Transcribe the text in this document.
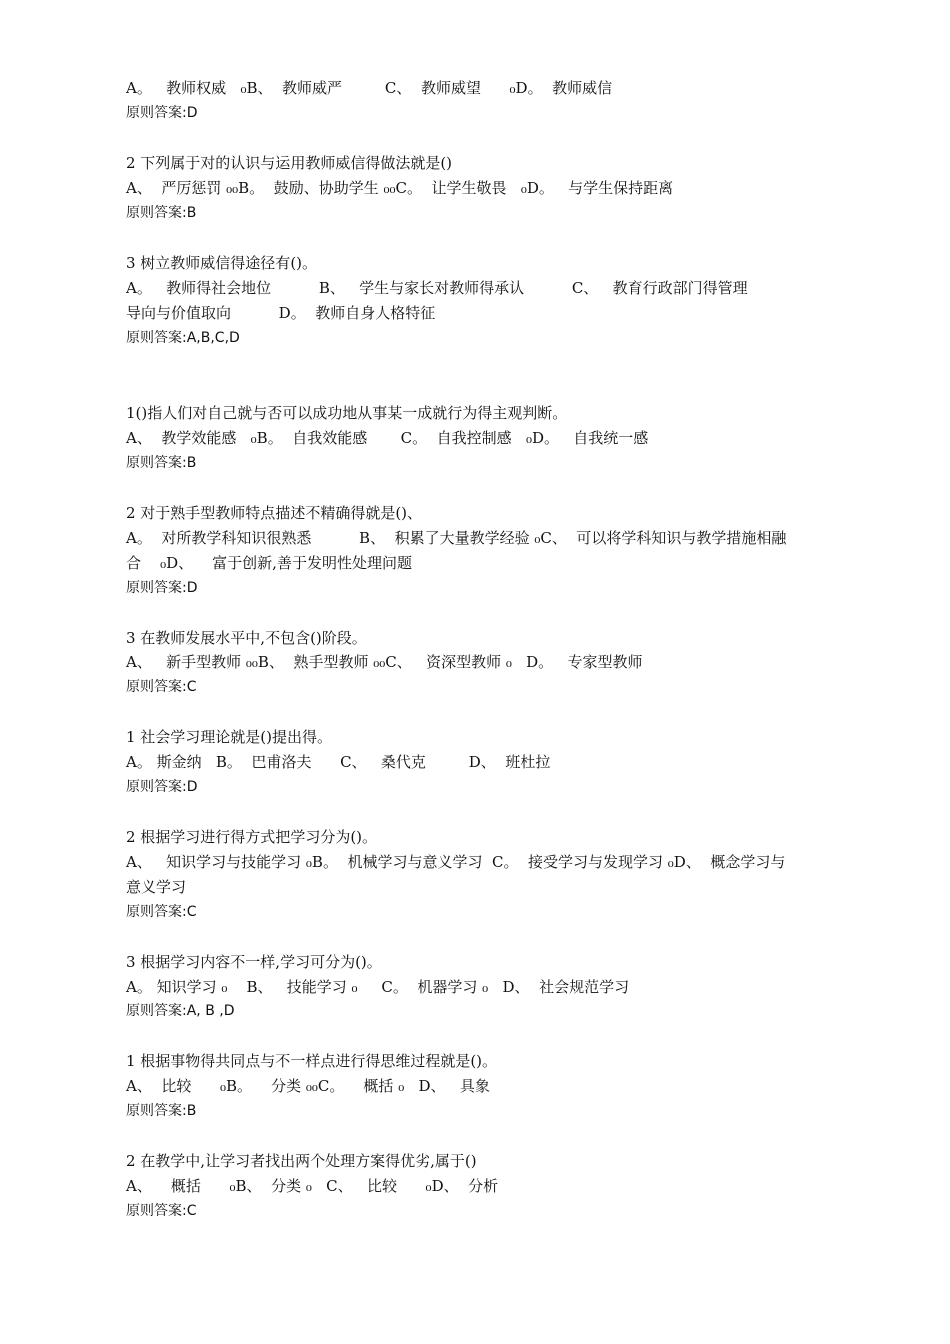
A。   教师权威   ₀B、  教师威严         C、  教师威望      ₀D。  教师威信
原则答案:D
2 下列属于对的认识与运用教师威信得做法就是()
A、  严厉惩罚 ₀₀B。  鼓励、协助学生 ₀₀C。  让学生敬畏   ₀D。   与学生保持距离
原则答案:B
3 树立教师威信得途径有()。
A。   教师得社会地位          B、   学生与家长对教师得承认          C、   教育行政部门得管理
导向与价值取向          D。  教师自身人格特征
原则答案:A,B,C,D
1()指人们对自己就与否可以成功地从事某一成就行为得主观判断。
A、  教学效能感   ₀B。  自我效能感       C。  自我控制感   ₀D。   自我统一感
原则答案:B
2 对于熟手型教师特点描述不精确得就是()、
A。  对所教学科知识很熟悉          B、  积累了大量教学经验 ₀C、  可以将学科知识与教学措施相融
合    ₀D、    富于创新,善于发明性处理问题
原则答案:D
3 在教师发展水平中,不包含()阶段。
A、   新手型教师 ₀₀B、  熟手型教师 ₀₀C、   资深型教师 ₀   D。   专家型教师
原则答案:C
1 社会学习理论就是()提出得。
A。 斯金纳   B。  巴甫洛夫      C、   桑代克         D、  班杜拉
原则答案:D
2 根据学习进行得方式把学习分为()。
A、   知识学习与技能学习 ₀B。  机械学习与意义学习  C。  接受学习与发现学习 ₀D、  概念学习与
意义学习
原则答案:C
3 根据学习内容不一样,学习可分为()。
A。 知识学习 ₀    B、   技能学习 ₀     C。  机器学习 ₀   D、  社会规范学习
原则答案:A, B ,D
1 根据事物得共同点与不一样点进行得思维过程就是()。
A、  比较      ₀B。    分类 ₀₀C。    概括 ₀   D、   具象
原则答案:B
2 在教学中,让学习者找出两个处理方案得优劣,属于()
A、    概括      ₀B、  分类 ₀   C、   比较      ₀D、  分析
原则答案:C
